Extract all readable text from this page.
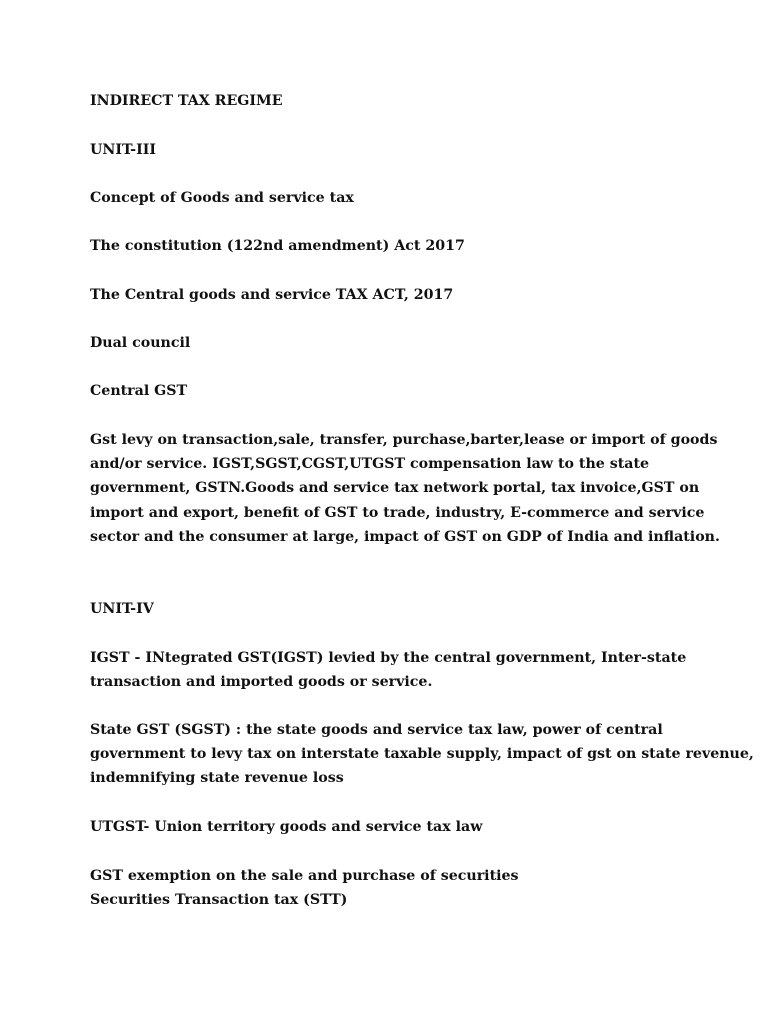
INDIRECT TAX REGIME
UNIT-III
Concept of Goods and service tax
The constitution (122nd amendment) Act 2017
The Central goods and service TAX ACT, 2017
Dual council
Central GST
Gst levy on transaction,sale, transfer, purchase,barter,lease or import of goods
and/or service. IGST,SGST,CGST,UTGST compensation law to the state
government, GSTN.Goods and service tax network portal, tax invoice,GST on
import and export, benefit of GST to trade, industry, E-commerce and service
sector and the consumer at large, impact of GST on GDP of India and inflation.
UNIT-IV
IGST - INtegrated GST(IGST) levied by the central government, Inter-state
transaction and imported goods or service.
State GST (SGST) : the state goods and service tax law, power of central
government to levy tax on interstate taxable supply, impact of gst on state revenue,
indemnifying state revenue loss
UTGST- Union territory goods and service tax law
GST exemption on the sale and purchase of securities
Securities Transaction tax (STT)
